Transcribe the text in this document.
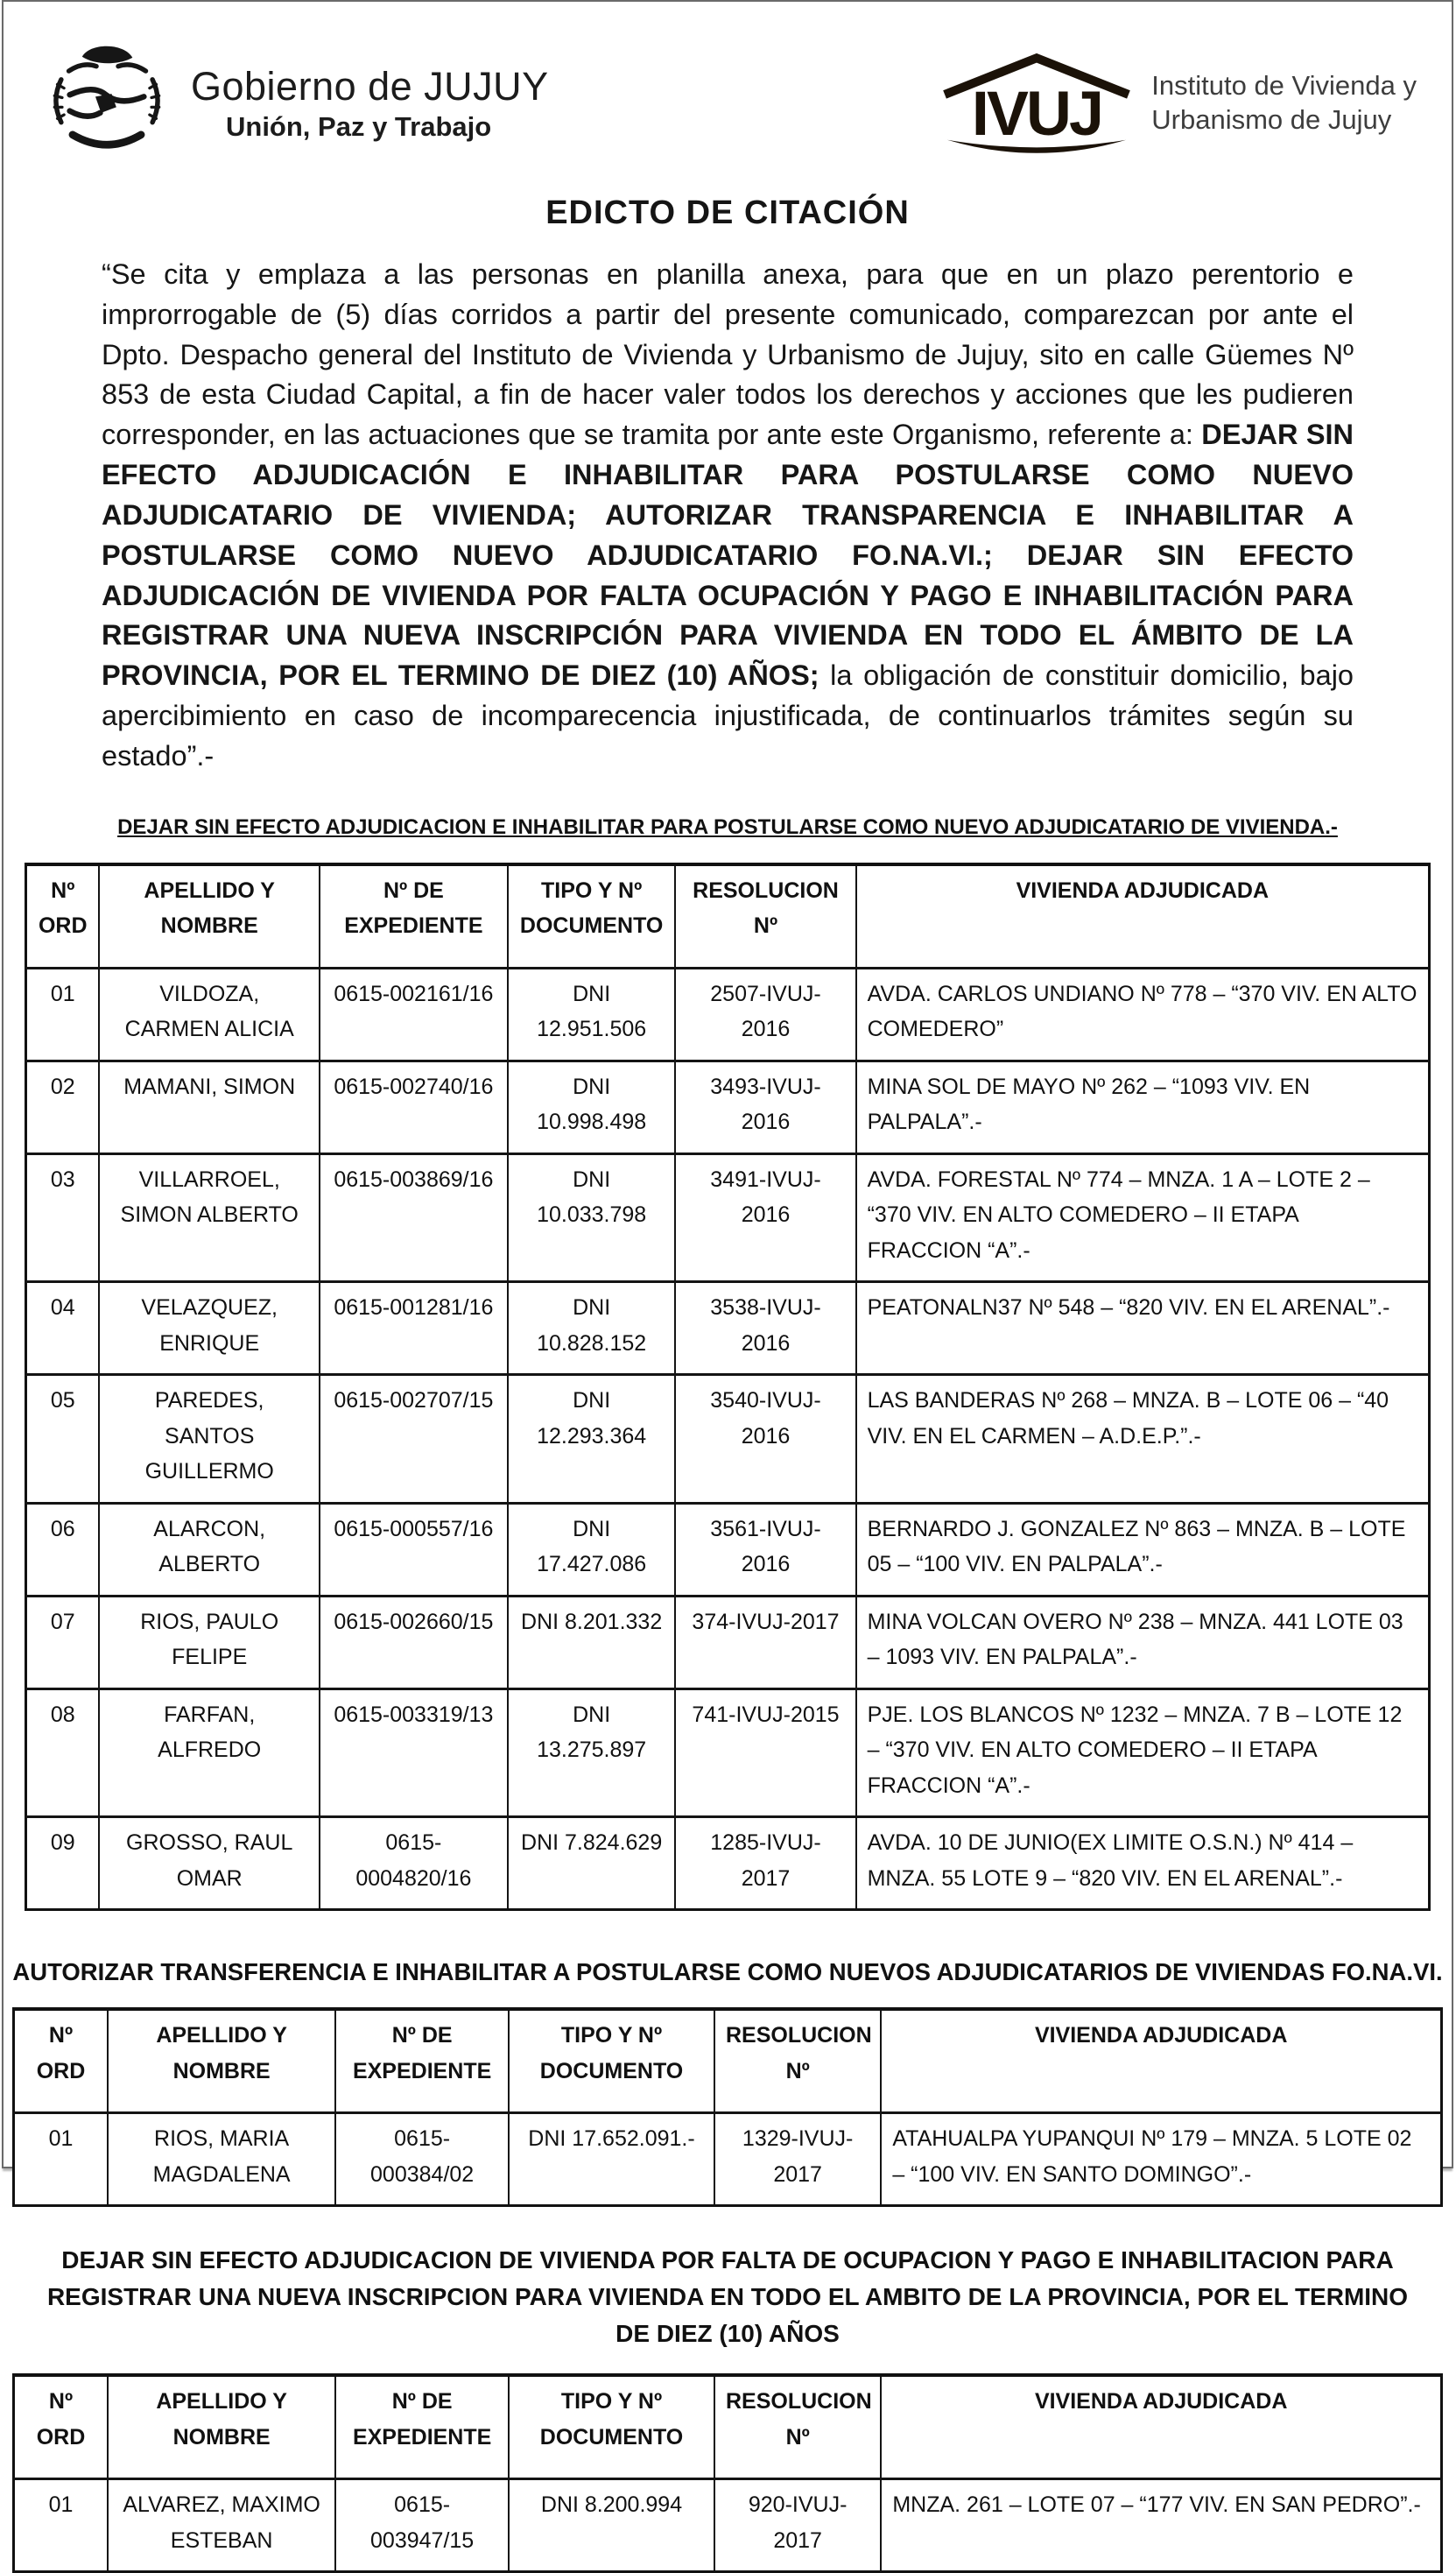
Gobierno de JUJUY
Unión, Paz y Trabajo	IVUJ Instituto de Vivienda y
Urbanismo de Jujuy
EDICTO DE CITACIÓN

“Se cita y emplaza a las personas en planilla anexa, para que en un plazo perentorio e improrrogable de (5) días corridos a partir del presente comunicado, comparezcan por ante el Dpto. Despacho general del Instituto de Vivienda y Urbanismo de Jujuy, sito en calle Güemes Nº 853 de esta Ciudad Capital, a fin de hacer valer todos los derechos y acciones que les pudieren corresponder, en las actuaciones que se tramita por ante este Organismo, referente a: DEJAR SIN EFECTO ADJUDICACIÓN E INHABILITAR PARA POSTULARSE COMO NUEVO ADJUDICATARIO DE VIVIENDA; AUTORIZAR TRANSPARENCIA E INHABILITAR A POSTULARSE COMO NUEVO ADJUDICATARIO FO.NA.VI.; DEJAR SIN EFECTO ADJUDICACIÓN DE VIVIENDA POR FALTA OCUPACIÓN Y PAGO E INHABILITACIÓN PARA REGISTRAR UNA NUEVA INSCRIPCIÓN PARA VIVIENDA EN TODO EL ÁMBITO DE LA PROVINCIA, POR EL TERMINO DE DIEZ (10) AÑOS; la obligación de constituir domicilio, bajo apercibimiento en caso de incomparecencia injustificada, de continuarlos trámites según su estado”.-

DEJAR SIN EFECTO ADJUDICACION E INHABILITAR PARA POSTULARSE COMO NUEVO ADJUDICATARIO DE VIVIENDA.-
Nº ORD	APELLIDO Y NOMBRE	Nº DE EXPEDIENTE	TIPO Y Nº DOCUMENTO	RESOLUCION Nº	VIVIENDA ADJUDICADA
01	VILDOZA, CARMEN ALICIA	0615-002161/16	DNI 12.951.506	2507-IVUJ-2016	AVDA. CARLOS UNDIANO Nº 778 – “370 VIV. EN ALTO COMEDERO”
02	MAMANI, SIMON	0615-002740/16	DNI 10.998.498	3493-IVUJ-2016	MINA SOL DE MAYO Nº 262 – “1093 VIV. EN PALPALA”.-
03	VILLARROEL, SIMON ALBERTO	0615-003869/16	DNI 10.033.798	3491-IVUJ-2016	AVDA. FORESTAL Nº 774 – MNZA. 1 A – LOTE 2 – “370 VIV. EN ALTO COMEDERO – II ETAPA FRACCION “A”.-
04	VELAZQUEZ, ENRIQUE	0615-001281/16	DNI 10.828.152	3538-IVUJ-2016	PEATONALN37 Nº 548 – “820 VIV. EN EL ARENAL”.-
05	PAREDES, SANTOS GUILLERMO	0615-002707/15	DNI 12.293.364	3540-IVUJ-2016	LAS BANDERAS Nº 268 – MNZA. B – LOTE 06 – “40 VIV. EN EL CARMEN – A.D.E.P.”.-
06	ALARCON, ALBERTO	0615-000557/16	DNI 17.427.086	3561-IVUJ-2016	BERNARDO J. GONZALEZ Nº 863 – MNZA. B – LOTE 05 – “100 VIV. EN PALPALA”.-
07	RIOS, PAULO FELIPE	0615-002660/15	DNI 8.201.332	374-IVUJ-2017	MINA VOLCAN OVERO Nº 238 – MNZA. 441 LOTE 03 – 1093 VIV. EN PALPALA”.-
08	FARFAN, ALFREDO	0615-003319/13	DNI 13.275.897	741-IVUJ-2015	PJE. LOS BLANCOS Nº 1232 – MNZA. 7 B – LOTE 12 – “370 VIV. EN ALTO COMEDERO – II ETAPA FRACCION “A”.-
09	GROSSO, RAUL OMAR	0615-0004820/16	DNI 7.824.629	1285-IVUJ-2017	AVDA. 10 DE JUNIO(EX LIMITE O.S.N.) Nº 414 – MNZA. 55 LOTE 9 – “820 VIV. EN EL ARENAL”.-
AUTORIZAR TRANSFERENCIA E INHABILITAR A POSTULARSE COMO NUEVOS ADJUDICATARIOS DE VIVIENDAS FO.NA.VI.
Nº ORD	APELLIDO Y NOMBRE	Nº DE EXPEDIENTE	TIPO Y Nº DOCUMENTO	RESOLUCION Nº	VIVIENDA ADJUDICADA
01	RIOS, MARIA MAGDALENA	0615-000384/02	DNI 17.652.091.-	1329-IVUJ-2017	ATAHUALPA YUPANQUI Nº 179 – MNZA. 5 LOTE 02 – “100 VIV. EN SANTO DOMINGO”.-
DEJAR SIN EFECTO ADJUDICACION DE VIVIENDA POR FALTA DE OCUPACION Y PAGO E INHABILITACION PARA REGISTRAR UNA NUEVA INSCRIPCION PARA VIVIENDA EN TODO EL AMBITO DE LA PROVINCIA, POR EL TERMINO DE DIEZ (10) AÑOS
Nº ORD	APELLIDO Y NOMBRE	Nº DE EXPEDIENTE	TIPO Y Nº DOCUMENTO	RESOLUCION Nº	VIVIENDA ADJUDICADA
01	ALVAREZ, MAXIMO ESTEBAN	0615-003947/15	DNI 8.200.994	920-IVUJ-2017	MNZA. 261 – LOTE 07 – “177 VIV. EN SAN PEDRO”.-
